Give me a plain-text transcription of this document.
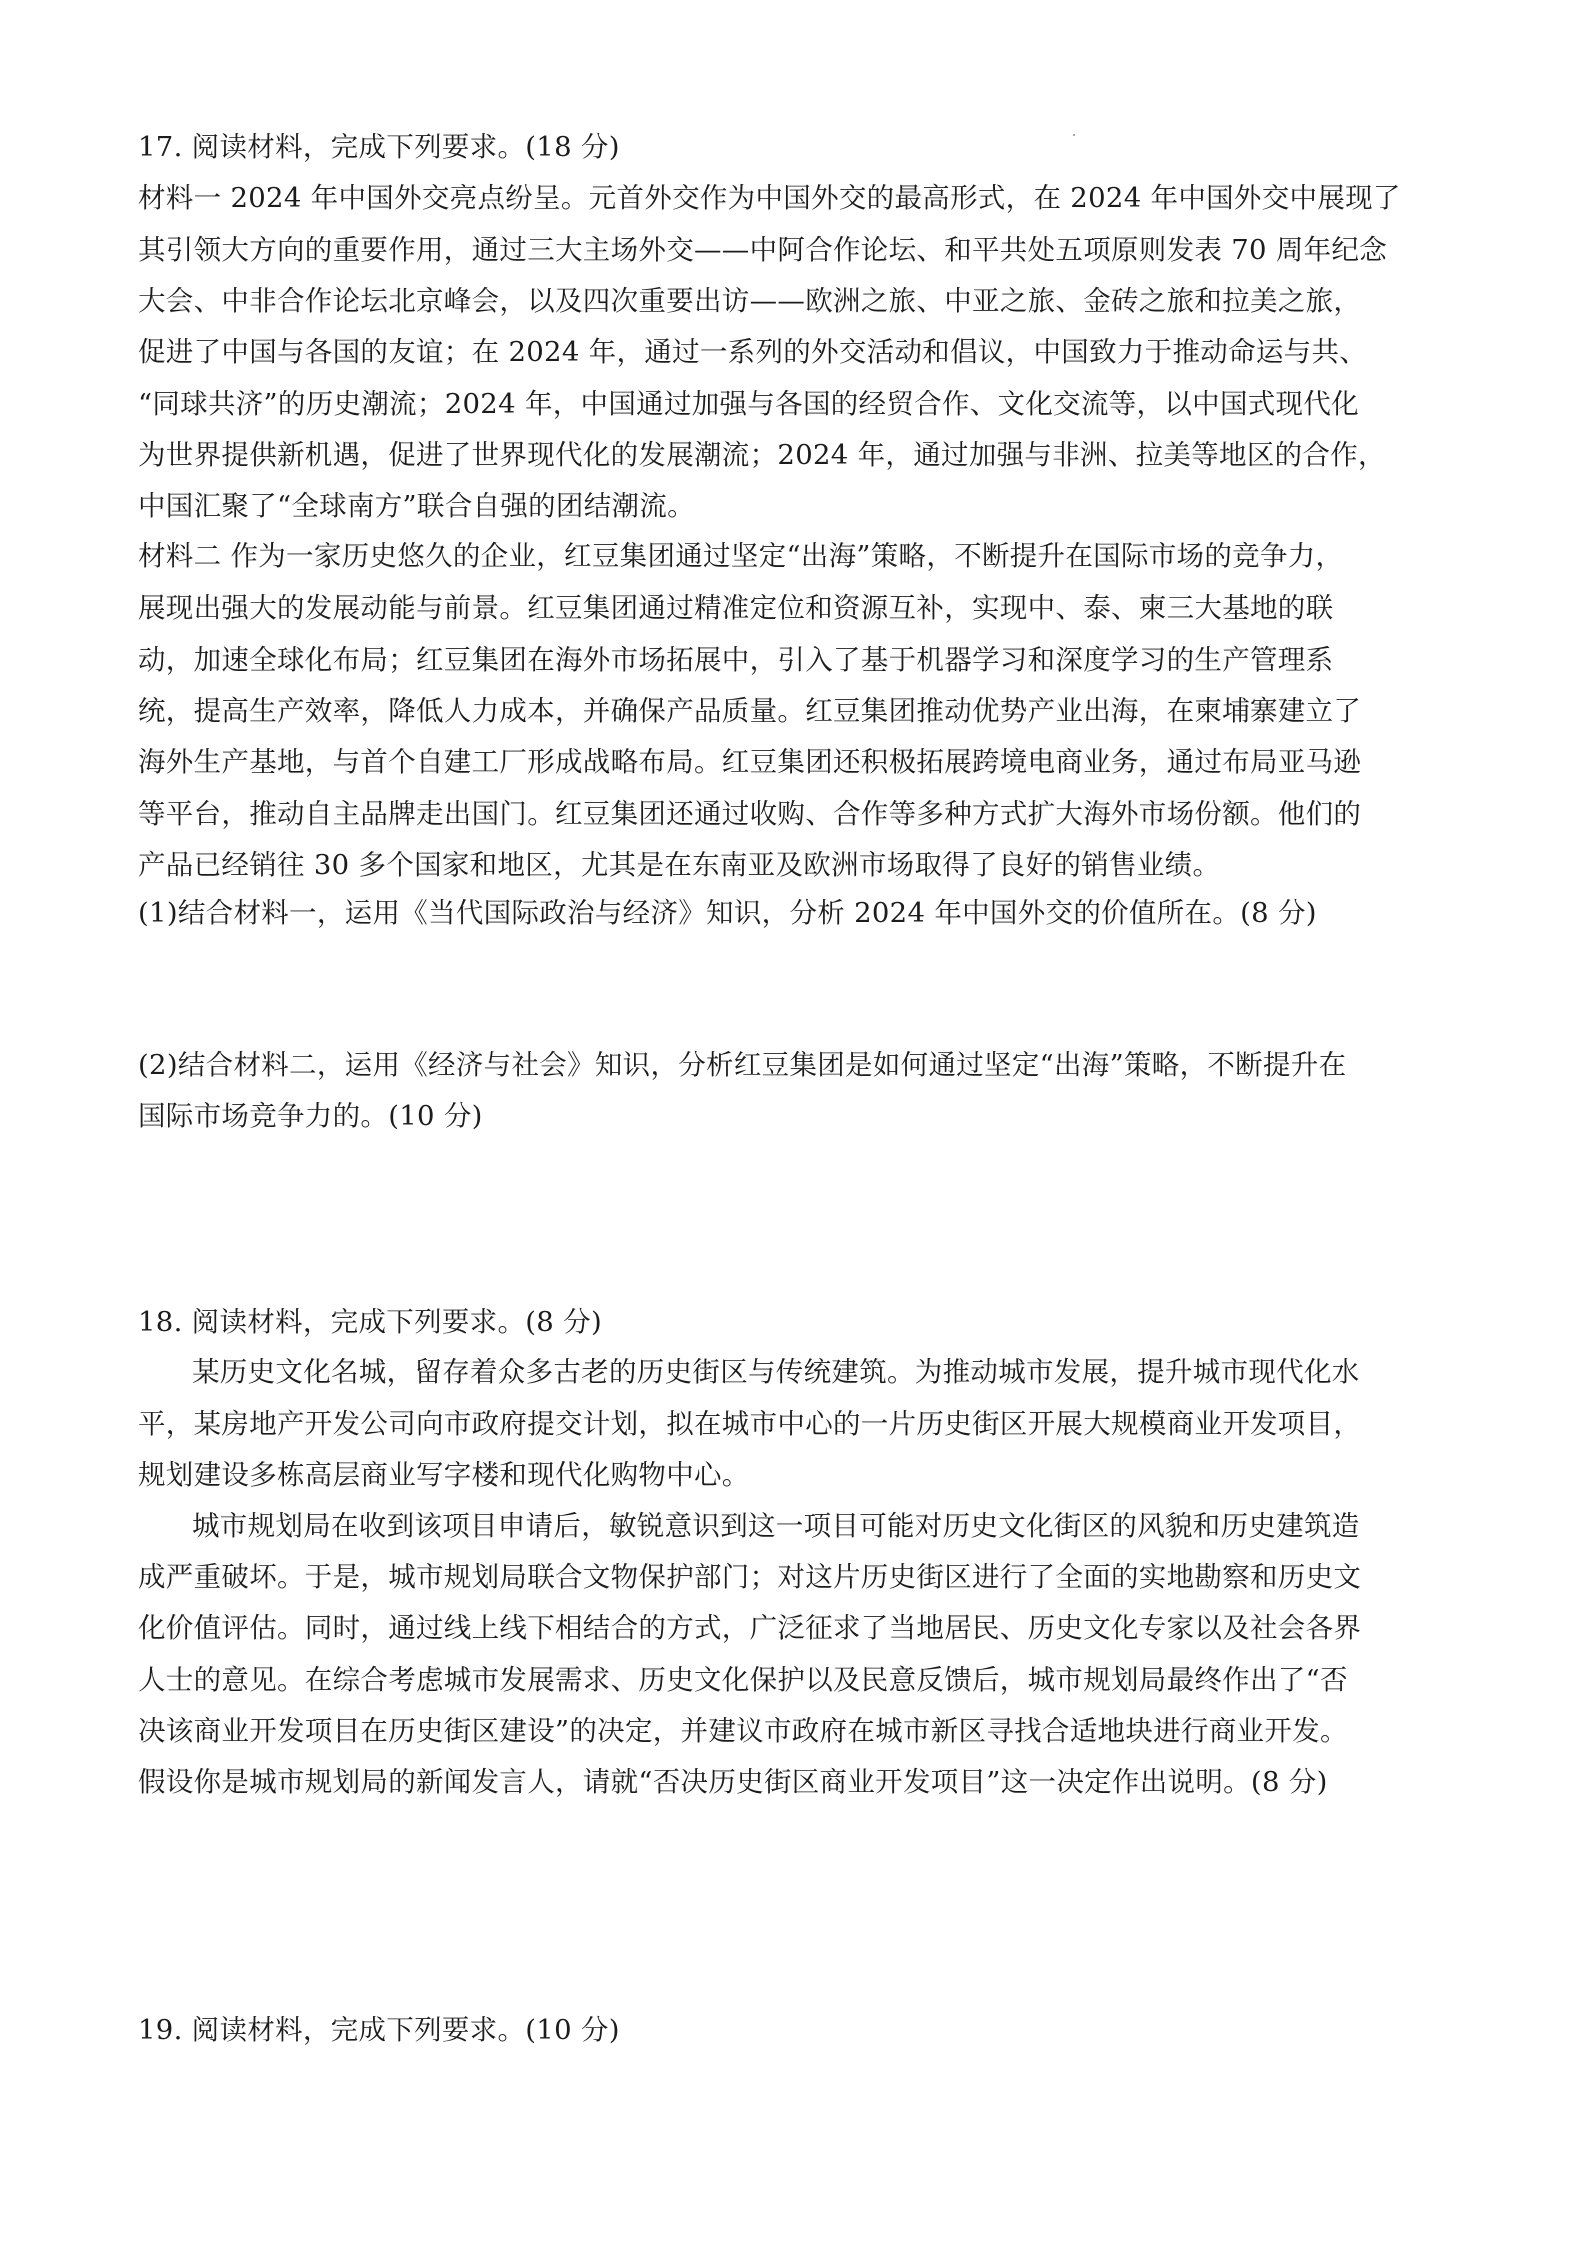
17. 阅读材料，完成下列要求。(18 分)
材料一 2024 年中国外交亮点纷呈。元首外交作为中国外交的最高形式，在 2024 年中国外交中展现了
其引领大方向的重要作用，通过三大主场外交——中阿合作论坛、和平共处五项原则发表 70 周年纪念
大会、中非合作论坛北京峰会，以及四次重要出访——欧洲之旅、中亚之旅、金砖之旅和拉美之旅，
促进了中国与各国的友谊；在 2024 年，通过一系列的外交活动和倡议，中国致力于推动命运与共、
“同球共济”的历史潮流；2024 年，中国通过加强与各国的经贸合作、文化交流等，以中国式现代化
为世界提供新机遇，促进了世界现代化的发展潮流；2024 年，通过加强与非洲、拉美等地区的合作，
中国汇聚了“全球南方”联合自强的团结潮流。
材料二 作为一家历史悠久的企业，红豆集团通过坚定“出海”策略，不断提升在国际市场的竞争力，
展现出强大的发展动能与前景。红豆集团通过精准定位和资源互补，实现中、泰、柬三大基地的联
动，加速全球化布局；红豆集团在海外市场拓展中，引入了基于机器学习和深度学习的生产管理系
统，提高生产效率，降低人力成本，并确保产品质量。红豆集团推动优势产业出海，在柬埔寨建立了
海外生产基地，与首个自建工厂形成战略布局。红豆集团还积极拓展跨境电商业务，通过布局亚马逊
等平台，推动自主品牌走出国门。红豆集团还通过收购、合作等多种方式扩大海外市场份额。他们的
产品已经销往 30 多个国家和地区，尤其是在东南亚及欧洲市场取得了良好的销售业绩。
(1)结合材料一，运用《当代国际政治与经济》知识，分析 2024 年中国外交的价值所在。(8 分)
(2)结合材料二，运用《经济与社会》知识，分析红豆集团是如何通过坚定“出海”策略，不断提升在
国际市场竞争力的。(10 分)
18. 阅读材料，完成下列要求。(8 分)
某历史文化名城，留存着众多古老的历史街区与传统建筑。为推动城市发展，提升城市现代化水
平，某房地产开发公司向市政府提交计划，拟在城市中心的一片历史街区开展大规模商业开发项目，
规划建设多栋高层商业写字楼和现代化购物中心。
城市规划局在收到该项目申请后，敏锐意识到这一项目可能对历史文化街区的风貌和历史建筑造
成严重破坏。于是，城市规划局联合文物保护部门；对这片历史街区进行了全面的实地勘察和历史文
化价值评估。同时，通过线上线下相结合的方式，广泛征求了当地居民、历史文化专家以及社会各界
人士的意见。在综合考虑城市发展需求、历史文化保护以及民意反馈后，城市规划局最终作出了“否
决该商业开发项目在历史街区建设”的决定，并建议市政府在城市新区寻找合适地块进行商业开发。
假设你是城市规划局的新闻发言人，请就“否决历史街区商业开发项目”这一决定作出说明。(8 分)
19. 阅读材料，完成下列要求。(10 分)
